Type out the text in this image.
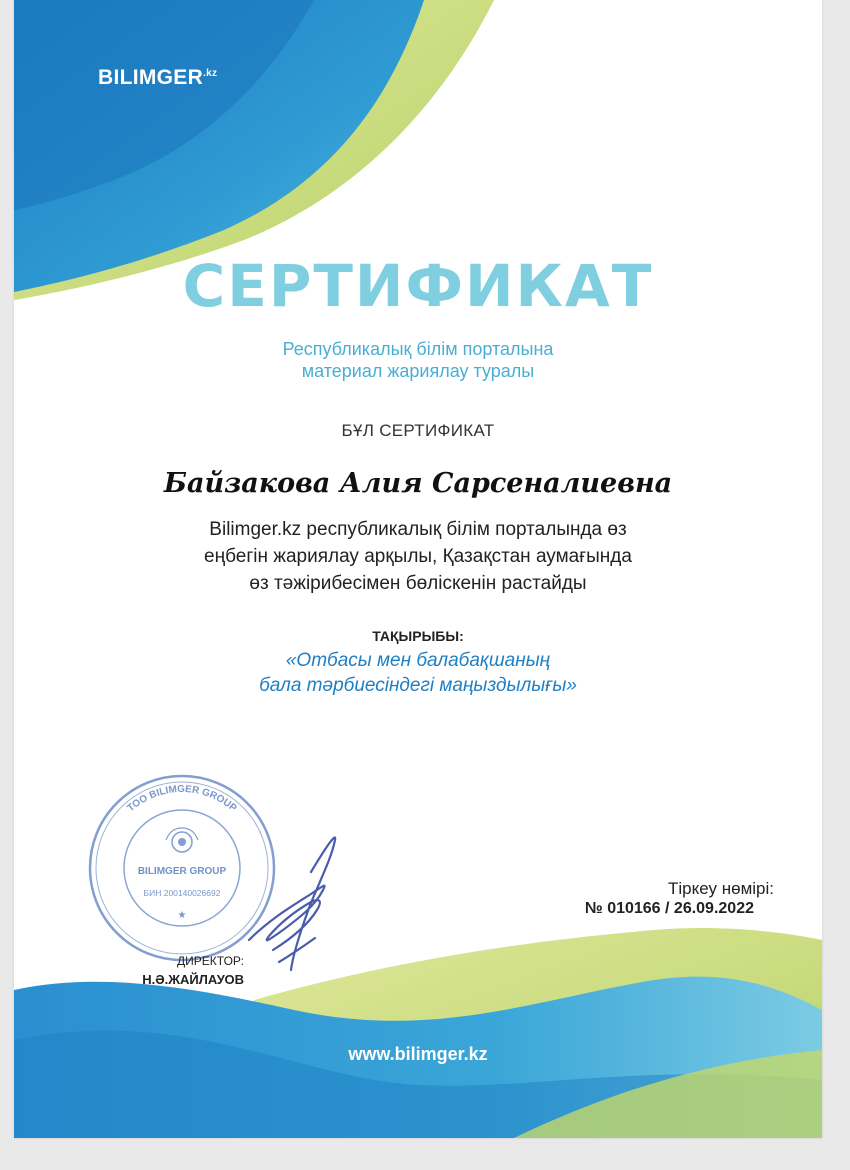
$BILIMGER^{.kz}$
СЕРТИФИКАТ
Республикалық білім порталына
материал жариялау туралы
БҰЛ СЕРТИФИКАТ
Байзакова Алия Сарсеналиевна
Bilimger.kz республикалық білім порталында өз
еңбегін жариялау арқылы, Қазақстан аумағында
өз тәжірибесімен бөліскенін растайды
ТАҚЫРЫБЫ:
«Отбасы мен балабақшаның
бала тәрбиесіндегі маңыздылығы»
Тіркеу нөмірі:
№ 010166 / 26.09.2022
ТОО BILIMGER GROUP
BILIMGER GROUP
БИН 200140026692
★
ДИРЕКТОР:
Н.Ә.ЖАЙЛАУОВ
www.bilimger.kz
